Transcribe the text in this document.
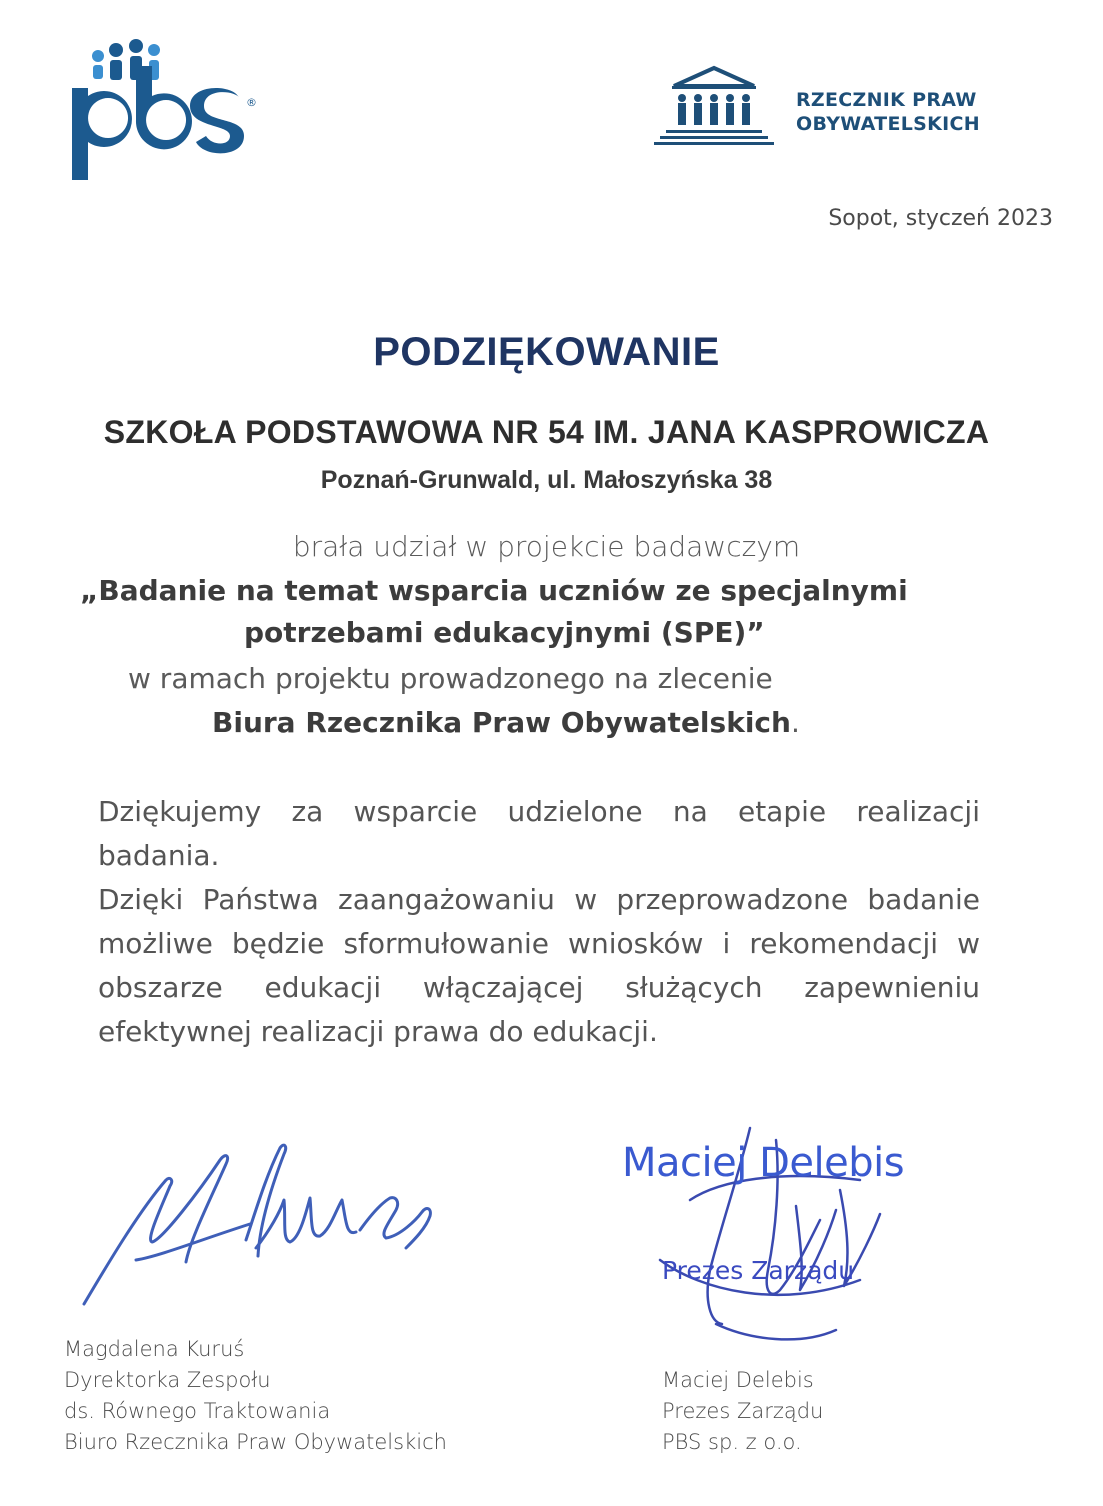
®	RZECZNIK PRAW
OBYWATELSKICH
Sopot, styczeń 2023
PODZIĘKOWANIE
SZKOŁA PODSTAWOWA NR 54 IM. JANA KASPROWICZA
Poznań-Grunwald, ul. Małoszyńska 38
brała udział w projekcie badawczym
„Badanie na temat wsparcia uczniów ze specjalnymi
potrzebami edukacyjnymi (SPE)”
w ramach projektu prowadzonego na zlecenie
Biura Rzecznika Praw Obywatelskich.
Dziękujemy za wsparcie udzielone na etapie realizacji badania.
Dzięki Państwa zaangażowaniu w przeprowadzone badanie możliwe będzie sformułowanie wniosków i rekomendacji w obszarze edukacji włączającej służących zapewnieniu efektywnej realizacji prawa do edukacji.
Maciej Delebis
Prezes Zarządu
Magdalena Kuruś
Dyrektorka Zespołu
ds. Równego Traktowania
Biuro Rzecznika Praw Obywatelskich
Maciej Delebis
Prezes Zarządu
PBS sp. z o.o.
